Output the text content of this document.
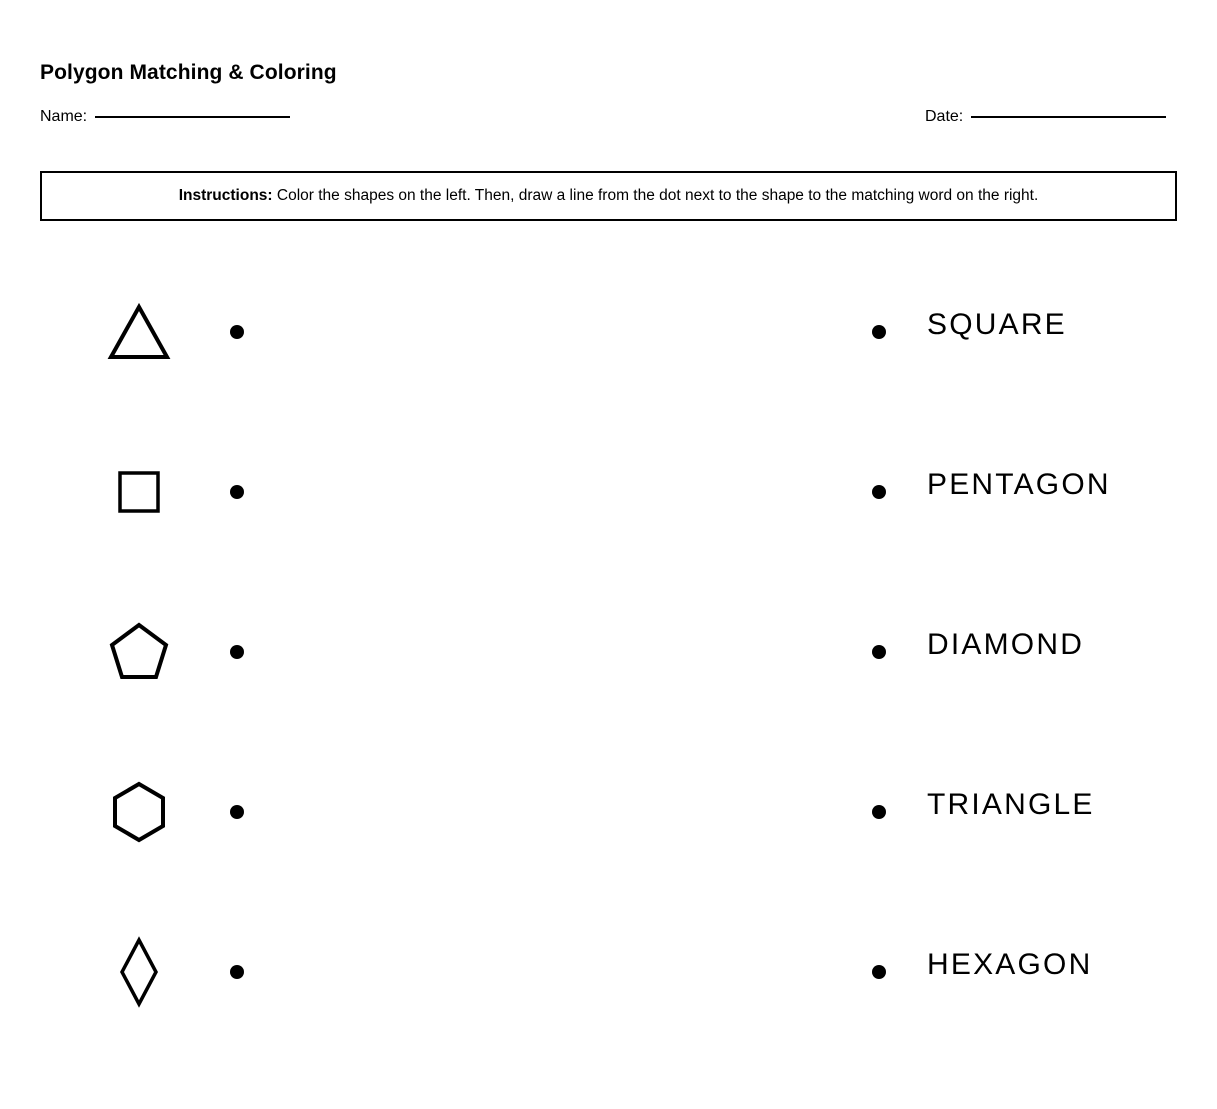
Polygon Matching & Coloring
Name:	Date:
Instructions: Color the shapes on the left. Then, draw a line from the dot next to the shape to the matching word on the right.
SQUARE
PENTAGON
DIAMOND
TRIANGLE
HEXAGON
